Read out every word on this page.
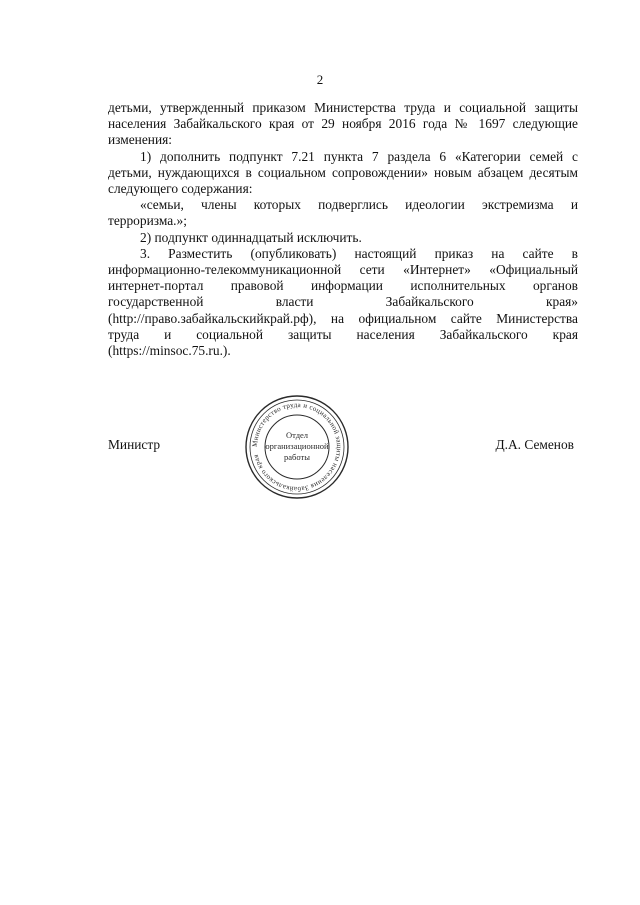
2
детьми, утвержденный приказом Министерства труда и социальной защиты
населения Забайкальского края от 29 ноября 2016 года № 1697 следующие
изменения:
1) дополнить подпункт 7.21 пункта 7 раздела 6 «Категории семей с
детьми, нуждающихся в социальном сопровождении» новым абзацем десятым
следующего содержания:
«семьи, члены которых подверглись идеологии экстремизма и
терроризма.»;
2) подпункт одиннадцатый исключить.
3. Разместить (опубликовать) настоящий приказ на сайте в
информационно-телекоммуникационной сети «Интернет» «Официальный
интернет-портал правовой информации исполнительных органов
государственной власти Забайкальского края»
(http://право.забайкальскийкрай.рф), на официальном сайте Министерства
труда и социальной защиты населения Забайкальского края
(https://minsoc.75.ru.).
Министр	Д.А. Семенов
Министерство труда и социальной защиты населения Забайкальского края
Отдел
организационной
работы
